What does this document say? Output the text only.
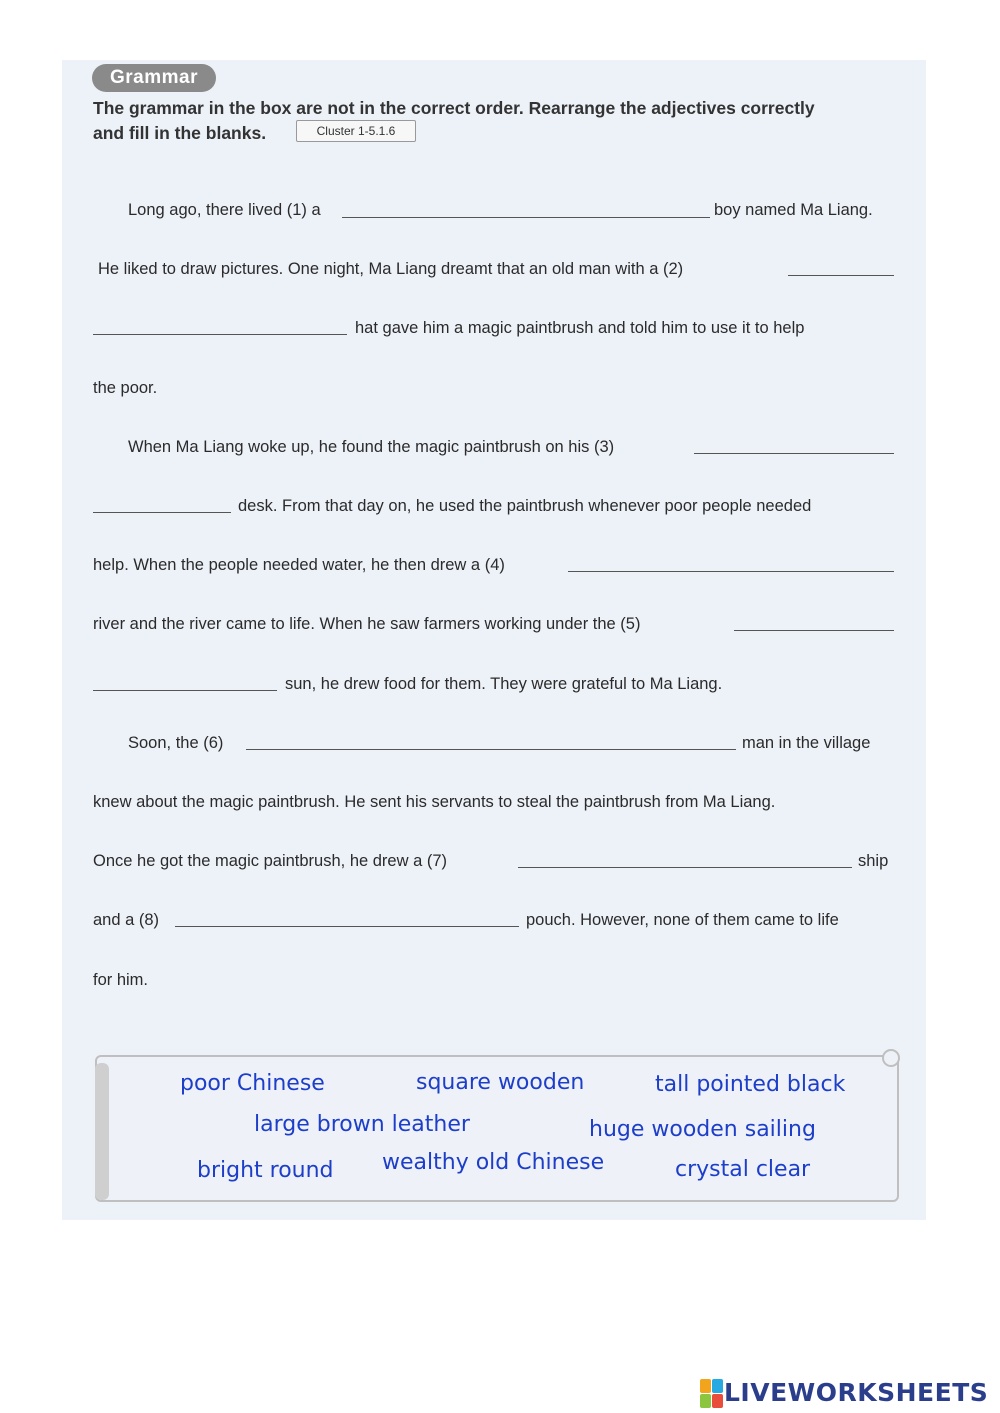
Grammar
The grammar in the box are not in the correct order. Rearrange the adjectives correctly
and fill in the blanks.	Cluster 1-5.1.6
Long ago, there lived (1) a	boy named Ma Liang.
He liked to draw pictures. One night, Ma Liang dreamt that an old man with a (2)
hat gave him a magic paintbrush and told him to use it to help
the poor.
When Ma Liang woke up, he found the magic paintbrush on his (3)
desk. From that day on, he used the paintbrush whenever poor people needed
help. When the people needed water, he then drew a (4)
river and the river came to life. When he saw farmers working under the (5)
sun, he drew food for them. They were grateful to Ma Liang.
Soon, the (6)	man in the village
knew about the magic paintbrush. He sent his servants to steal the paintbrush from Ma Liang.
Once he got the magic paintbrush, he drew a (7)	ship
and a (8)	pouch. However, none of them came to life
for him.
poor Chinese	square wooden	tall pointed black
large brown leather	huge wooden sailing
bright round wealthy old Chinese	crystal clear
LIVEWORKSHEETS
